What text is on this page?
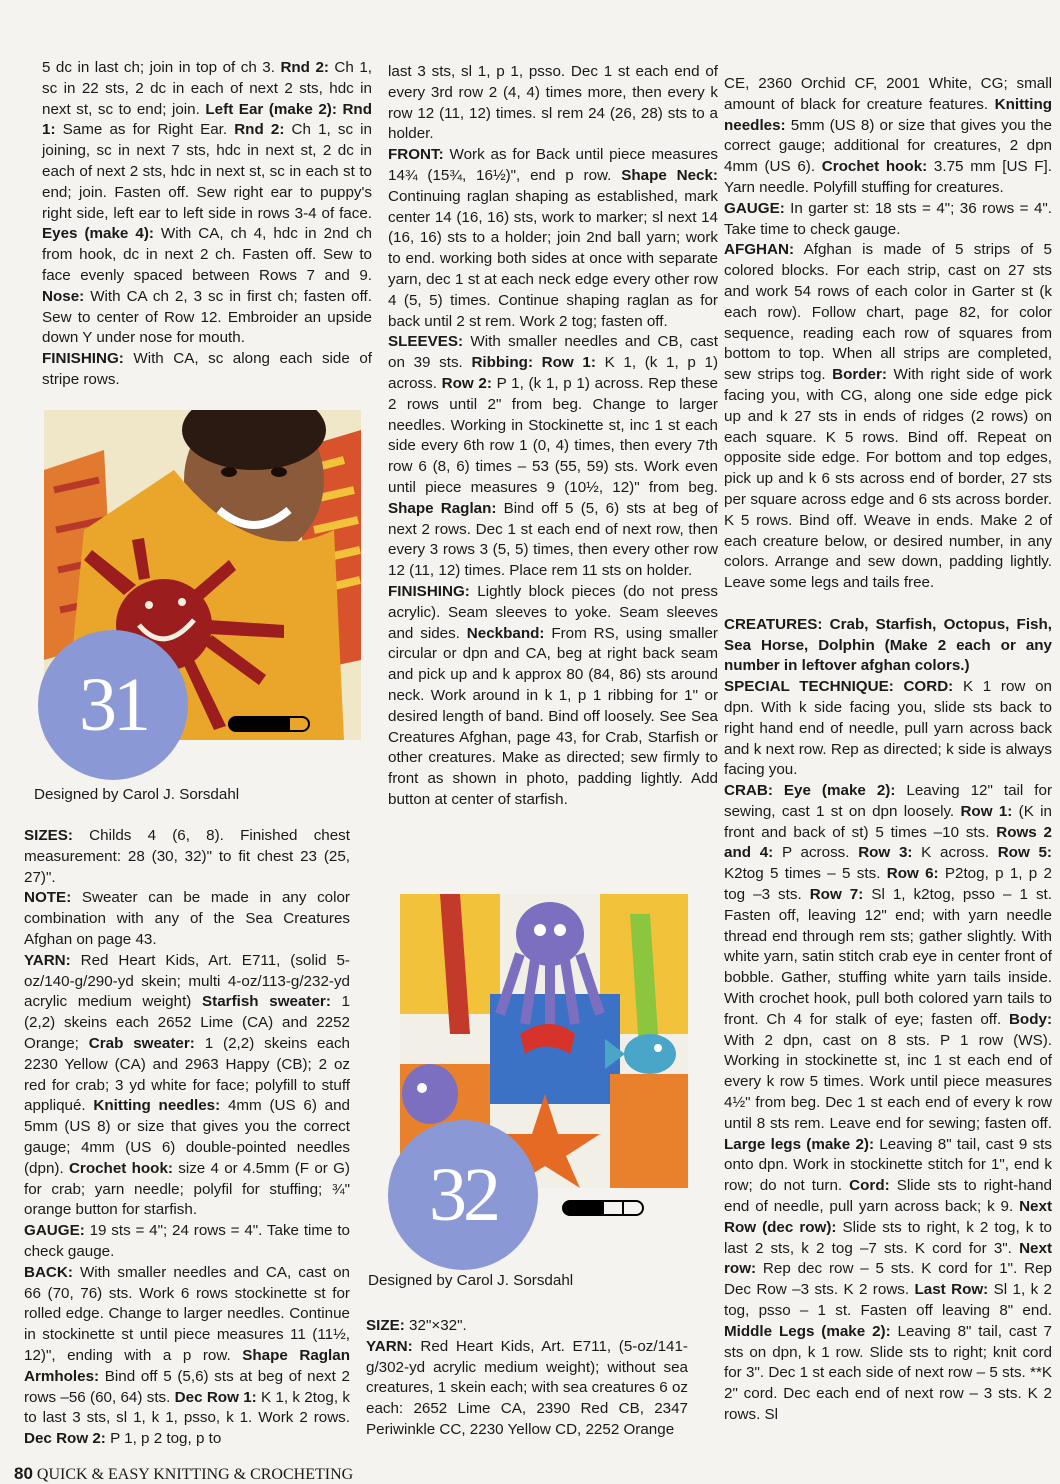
5 dc in last ch; join in top of ch 3. Rnd 2: Ch 1, sc in 22 sts, 2 dc in each of next 2 sts, hdc in next st, sc to end; join. Left Ear (make 2): Rnd 1: Same as for Right Ear. Rnd 2: Ch 1, sc in joining, sc in next 7 sts, hdc in next st, 2 dc in each of next 2 sts, hdc in next st, sc in each st to end; join. Fasten off. Sew right ear to puppy's right side, left ear to left side in rows 3-4 of face. Eyes (make 4): With CA, ch 4, hdc in 2nd ch from hook, dc in next 2 ch. Fasten off. Sew to face evenly spaced between Rows 7 and 9. Nose: With CA ch 2, 3 sc in first ch; fasten off. Sew to center of Row 12. Embroider an upside down Y under nose for mouth.

FINISHING: With CA, sc along each side of stripe rows.

31
Designed by Carol J. Sorsdahl

SIZES: Childs 4 (6, 8). Finished chest measurement: 28 (30, 32)" to fit chest 23 (25, 27)".

NOTE: Sweater can be made in any color combination with any of the Sea Creatures Afghan on page 43.

YARN: Red Heart Kids, Art. E711, (solid 5-oz/140-g/290-yd skein; multi 4-oz/113-g/232-yd acrylic medium weight) Starfish sweater: 1 (2,2) skeins each 2652 Lime (CA) and 2252 Orange; Crab sweater: 1 (2,2) skeins each 2230 Yellow (CA) and 2963 Happy (CB); 2 oz red for crab; 3 yd white for face; polyfill to stuff appliqué. Knitting needles: 4mm (US 6) and 5mm (US 8) or size that gives you the correct gauge; 4mm (US 6) double-pointed needles (dpn). Crochet hook: size 4 or 4.5mm (F or G) for crab; yarn needle; polyfil for stuffing; ¾" orange button for starfish.

GAUGE: 19 sts = 4"; 24 rows = 4". Take time to check gauge.

BACK: With smaller needles and CA, cast on 66 (70, 76) sts. Work 6 rows stockinette st for rolled edge. Change to larger needles. Continue in stockinette st until piece measures 11 (11½, 12)", ending with a p row. Shape Raglan Armholes: Bind off 5 (5,6) sts at beg of next 2 rows –56 (60, 64) sts. Dec Row 1: K 1, k 2tog, k to last 3 sts, sl 1, k 1, psso, k 1. Work 2 rows. Dec Row 2: P 1, p 2 tog, p to

last 3 sts, sl 1, p 1, psso. Dec 1 st each end of every 3rd row 2 (4, 4) times more, then every k row 12 (11, 12) times. sl rem 24 (26, 28) sts to a holder.

FRONT: Work as for Back until piece measures 14¾ (15¾, 16½)", end p row. Shape Neck: Continuing raglan shaping as established, mark center 14 (16, 16) sts, work to marker; sl next 14 (16, 16) sts to a holder; join 2nd ball yarn; work to end. working both sides at once with separate yarn, dec 1 st at each neck edge every other row 4 (5, 5) times. Continue shaping raglan as for back until 2 st rem. Work 2 tog; fasten off.

SLEEVES: With smaller needles and CB, cast on 39 sts. Ribbing: Row 1: K 1, (k 1, p 1) across. Row 2: P 1, (k 1, p 1) across. Rep these 2 rows until 2" from beg. Change to larger needles. Working in Stockinette st, inc 1 st each side every 6th row 1 (0, 4) times, then every 7th row 6 (8, 6) times – 53 (55, 59) sts. Work even until piece measures 9 (10½, 12)" from beg. Shape Raglan: Bind off 5 (5, 6) sts at beg of next 2 rows. Dec 1 st each end of next row, then every 3 rows 3 (5, 5) times, then every other row 12 (11, 12) times. Place rem 11 sts on holder.

FINISHING: Lightly block pieces (do not press acrylic). Seam sleeves to yoke. Seam sleeves and sides. Neckband: From RS, using smaller circular or dpn and CA, beg at right back seam and pick up and k approx 80 (84, 86) sts around neck. Work around in k 1, p 1 ribbing for 1" or desired length of band. Bind off loosely. See Sea Creatures Afghan, page 43, for Crab, Starfish or other creatures. Make as directed; sew firmly to front as shown in photo, padding lightly. Add button at center of starfish.

32
Designed by Carol J. Sorsdahl

SIZE: 32"×32".

YARN: Red Heart Kids, Art. E711, (5-oz/141-g/302-yd acrylic medium weight); without sea creatures, 1 skein each; with sea creatures 6 oz each: 2652 Lime CA, 2390 Red CB, 2347 Periwinkle CC, 2230 Yellow CD, 2252 Orange

CE, 2360 Orchid CF, 2001 White, CG; small amount of black for creature features. Knitting needles: 5mm (US 8) or size that gives you the correct gauge; additional for creatures, 2 dpn 4mm (US 6). Crochet hook: 3.75 mm [US F]. Yarn needle. Polyfill stuffing for creatures.

GAUGE: In garter st: 18 sts = 4"; 36 rows = 4". Take time to check gauge.

AFGHAN: Afghan is made of 5 strips of 5 colored blocks. For each strip, cast on 27 sts and work 54 rows of each color in Garter st (k each row). Follow chart, page 82, for color sequence, reading each row of squares from bottom to top. When all strips are completed, sew strips tog. Border: With right side of work facing you, with CG, along one side edge pick up and k 27 sts in ends of ridges (2 rows) on each square. K 5 rows. Bind off. Repeat on opposite side edge. For bottom and top edges, pick up and k 6 sts across end of border, 27 sts per square across edge and 6 sts across border. K 5 rows. Bind off. Weave in ends. Make 2 of each creature below, or desired number, in any colors. Arrange and sew down, padding lightly. Leave some legs and tails free.

CREATURES: Crab, Starfish, Octopus, Fish, Sea Horse, Dolphin (Make 2 each or any number in leftover afghan colors.)

SPECIAL TECHNIQUE: CORD: K 1 row on dpn. With k side facing you, slide sts back to right hand end of needle, pull yarn across back and k next row. Rep as directed; k side is always facing you.

CRAB: Eye (make 2): Leaving 12" tail for sewing, cast 1 st on dpn loosely. Row 1: (K in front and back of st) 5 times –10 sts. Rows 2 and 4: P across. Row 3: K across. Row 5: K2tog 5 times – 5 sts. Row 6: P2tog, p 1, p 2 tog –3 sts. Row 7: Sl 1, k2tog, psso – 1 st. Fasten off, leaving 12" end; with yarn needle thread end through rem sts; gather slightly. With white yarn, satin stitch crab eye in center front of bobble. Gather, stuffing white yarn tails inside. With crochet hook, pull both colored yarn tails to front. Ch 4 for stalk of eye; fasten off. Body: With 2 dpn, cast on 8 sts. P 1 row (WS). Working in stockinette st, inc 1 st each end of every k row 5 times. Work until piece measures 4½" from beg. Dec 1 st each end of every k row until 8 sts rem. Leave end for sewing; fasten off. Large legs (make 2): Leaving 8" tail, cast 9 sts onto dpn. Work in stockinette stitch for 1", end k row; do not turn. Cord: Slide sts to right-hand end of needle, pull yarn across back; k 9. Next Row (dec row): Slide sts to right, k 2 tog, k to last 2 sts, k 2 tog –7 sts. K cord for 3". Next row: Rep dec row – 5 sts. K cord for 1". Rep Dec Row –3 sts. K 2 rows. Last Row: Sl 1, k 2 tog, psso – 1 st. Fasten off leaving 8" end. Middle Legs (make 2): Leaving 8" tail, cast 7 sts on dpn, k 1 row. Slide sts to right; knit cord for 3". Dec 1 st each side of next row – 5 sts. **K 2" cord. Dec each end of next row – 3 sts. K 2 rows. Sl

80 QUICK & EASY KNITTING & CROCHETING
